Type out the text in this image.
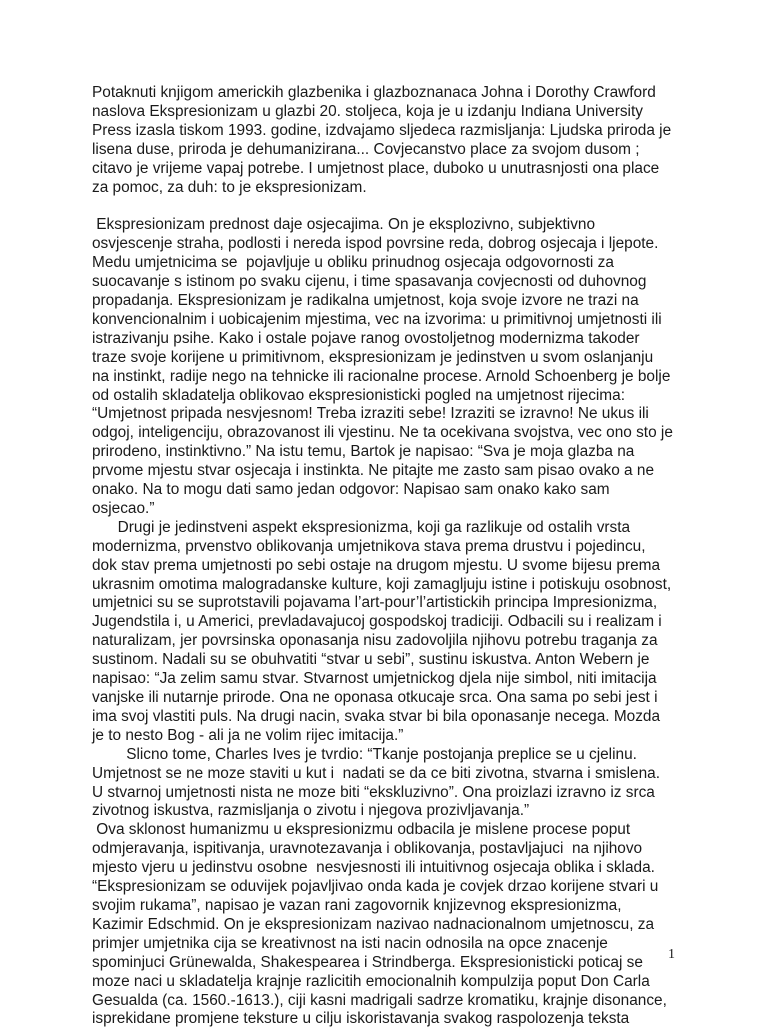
Potaknuti knjigom americkih glazbenika i glazboznanaca Johna i Dorothy Crawford
naslova Ekspresionizam u glazbi 20. stoljeca, koja je u izdanju Indiana University
Press izasla tiskom 1993. godine, izdvajamo sljedeca razmisljanja: Ljudska priroda je
lisena duse, priroda je dehumanizirana... Covjecanstvo place za svojom dusom ;
citavo je vrijeme vapaj potrebe. I umjetnost place, duboko u unutrasnjosti ona place
za pomoc, za duh: to je ekspresionizam.
Ekspresionizam prednost daje osjecajima. On je eksplozivno, subjektivno
osvjescenje straha, podlosti i nereda ispod povrsine reda, dobrog osjecaja i ljepote.
Medu umjetnicima se  pojavljuje u obliku prinudnog osjecaja odgovornosti za
suocavanje s istinom po svaku cijenu, i time spasavanja covjecnosti od duhovnog
propadanja. Ekspresionizam je radikalna umjetnost, koja svoje izvore ne trazi na
konvencionalnim i uobicajenim mjestima, vec na izvorima: u primitivnoj umjetnosti ili
istrazivanju psihe. Kako i ostale pojave ranog ovostoljetnog modernizma takoder
traze svoje korijene u primitivnom, ekspresionizam je jedinstven u svom oslanjanju
na instinkt, radije nego na tehnicke ili racionalne procese. Arnold Schoenberg je bolje
od ostalih skladatelja oblikovao ekspresionisticki pogled na umjetnost rijecima:
“Umjetnost pripada nesvjesnom! Treba izraziti sebe! Izraziti se izravno! Ne ukus ili
odgoj, inteligenciju, obrazovanost ili vjestinu. Ne ta ocekivana svojstva, vec ono sto je
prirodeno, instinktivno.” Na istu temu, Bartok je napisao: “Sva je moja glazba na
prvome mjestu stvar osjecaja i instinkta. Ne pitajte me zasto sam pisao ovako a ne
onako. Na to mogu dati samo jedan odgovor: Napisao sam onako kako sam
osjecao.”
Drugi je jedinstveni aspekt ekspresionizma, koji ga razlikuje od ostalih vrsta
modernizma, prvenstvo oblikovanja umjetnikova stava prema drustvu i pojedincu,
dok stav prema umjetnosti po sebi ostaje na drugom mjestu. U svome bijesu prema
ukrasnim omotima malogradanske kulture, koji zamagljuju istine i potiskuju osobnost,
umjetnici su se suprotstavili pojavama l’art-pour’l’artistickih principa Impresionizma,
Jugendstila i, u Americi, prevladavajucoj gospodskoj tradiciji. Odbacili su i realizam i
naturalizam, jer povrsinska oponasanja nisu zadovoljila njihovu potrebu traganja za
sustinom. Nadali su se obuhvatiti “stvar u sebi”, sustinu iskustva. Anton Webern je
napisao: “Ja zelim samu stvar. Stvarnost umjetnickog djela nije simbol, niti imitacija
vanjske ili nutarnje prirode. Ona ne oponasa otkucaje srca. Ona sama po sebi jest i
ima svoj vlastiti puls. Na drugi nacin, svaka stvar bi bila oponasanje necega. Mozda
je to nesto Bog - ali ja ne volim rijec imitacija.”
Slicno tome, Charles Ives je tvrdio: “Tkanje postojanja preplice se u cjelinu.
Umjetnost se ne moze staviti u kut i  nadati se da ce biti zivotna, stvarna i smislena.
U stvarnoj umjetnosti nista ne moze biti “ekskluzivno”. Ona proizlazi izravno iz srca
zivotnog iskustva, razmisljanja o zivotu i njegova prozivljavanja.”
Ova sklonost humanizmu u ekspresionizmu odbacila je mislene procese poput
odmjeravanja, ispitivanja, uravnotezavanja i oblikovanja, postavljajuci  na njihovo
mjesto vjeru u jedinstvu osobne  nesvjesnosti ili intuitivnog osjecaja oblika i sklada.
“Ekspresionizam se oduvijek pojavljivao onda kada je covjek drzao korijene stvari u
svojim rukama”, napisao je vazan rani zagovornik knjizevnog ekspresionizma,
Kazimir Edschmid. On je ekspresionizam nazivao nadnacionalnom umjetnoscu, za
primjer umjetnika cija se kreativnost na isti nacin odnosila na opce znacenje
spominjuci Grünewalda, Shakespearea i Strindberga. Ekspresionisticki poticaj se
moze naci u skladatelja krajnje razlicitih emocionalnih kompulzija poput Don Carla
Gesualda (ca. 1560.-1613.), ciji kasni madrigali sadrze kromatiku, krajnje disonance,
isprekidane promjene teksture u cilju iskoristavanja svakog raspolozenja teksta
1
